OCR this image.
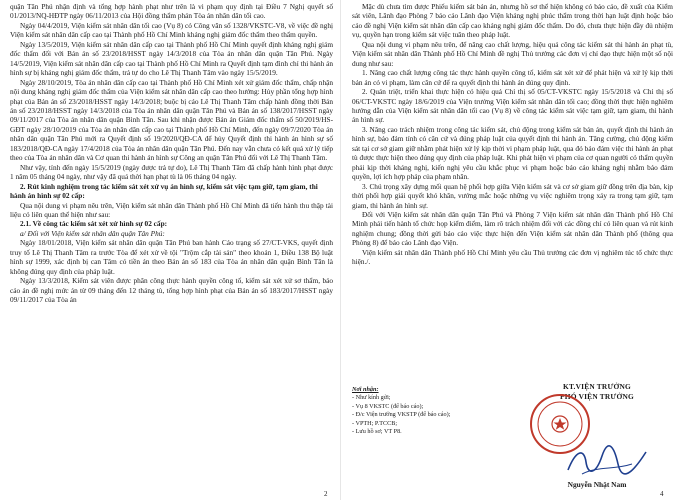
quận Tân Phú nhận định và tổng hợp hành phạt như trên là vi phạm quy định tại Điều 7 Nghị quyết số 01/2013/NQ-HĐTP ngày 06/11/2013 của Hội đồng thẩm phán Tòa án nhân dân tối cao.
Ngày 04/4/2019, Viện kiểm sát nhân dân tối cao (Vụ 8) có Công văn số 1328/VKSTC-V8, về việc đề nghị Viện kiểm sát nhân dân cấp cao tại Thành phố Hồ Chí Minh kháng nghị giám đốc thẩm theo thẩm quyền.
Ngày 13/5/2019, Viện kiểm sát nhân dân cấp cao tại Thành phố Hồ Chí Minh quyết định kháng nghị giám đốc thẩm đối với Bản án số 23/2018/HSST ngày 14/3/2018 của Tòa án nhân dân quận Tân Phú. Ngày 14/5/2019, Viện kiểm sát nhân dân cấp cao tại Thành phố Hồ Chí Minh ra Quyết định tạm đình chỉ thi hành án hình sự bị kháng nghị giám đốc thẩm, trả tự do cho Lê Thị Thanh Tâm vào ngày 15/5/2019.
Ngày 28/10/2019, Tòa án nhân dân cấp cao tại Thành phố Hồ Chí Minh xét xử giám đốc thẩm, chấp nhận nội dung kháng nghị giám đốc thẩm của Viện kiểm sát nhân dân cấp cao theo hướng: Hủy phần tổng hợp hình phạt của Bản án số 23/2018/HSST ngày 14/3/2018; buộc bị cáo Lê Thị Thanh Tâm chấp hành đồng thời Bản án số 23/2018/HSST ngày 14/3/2018 của Tòa án nhân dân quận Tân Phú và Bản án số 138/2017/HSST ngày 09/11/2017 của Tòa án nhân dân quận Bình Tân. Sau khi nhận được Bản án Giám đốc thẩm số 50/2019/HS-GĐT ngày 28/10/2019 của Tòa án nhân dân cấp cao tại Thành phố Hồ Chí Minh, đến ngày 09/7/2020 Tòa án nhân dân quận Tân Phú mới ra Quyết định số 19/2020/QĐ-CA để hủy Quyết định thi hành án hình sự số 183/2018/QĐ-CA ngày 17/4/2018 của Tòa án nhân dân quận Tân Phú. Đến nay vẫn chưa có kết quả xử lý tiếp theo của Tòa án nhân dân và Cơ quan thi hành án hình sự Công an quận Tân Phú đối với Lê Thị Thanh Tâm.
Như vậy, tính đến ngày 15/5/2019 (ngày được trả tự do), Lê Thị Thanh Tâm đã chấp hành hình phạt được 1 năm 05 tháng 04 ngày, như vậy đã quá thời hạn phạt tù là 06 tháng 04 ngày.
2. Rút kinh nghiệm trong tác kiểm sát xét xử vụ án hình sự, kiểm sát việc tạm giữ, tạm giam, thi hành án hình sự 02 cấp:
Qua nội dung vi phạm nêu trên, Viện kiểm sát nhân dân Thành phố Hồ Chí Minh đã tiến hành thu thập tài liệu có liên quan thể hiện như sau:
2.1. Về công tác kiểm sát xét xử hình sự 02 cấp:
a/ Đối với Viện kiểm sát nhân dân quận Tân Phú:
Ngày 18/01/2018, Viện kiểm sát nhân dân quận Tân Phú ban hành Cáo trạng số 27/CT-VKS, quyết định truy tố Lê Thị Thanh Tâm ra trước Tòa để xét xử về tội "Trộm cắp tài sản" theo khoản 1, Điều 138 Bộ luật hình sự 1999, xác định bị can Tâm có tiền án theo Bản án số 183 của Tòa án nhân dân quận Bình Tân là không đúng quy định của pháp luật.
Ngày 13/3/2018, Kiểm sát viên được phân công thực hành quyền công tố, kiểm sát xét xử sơ thẩm, báo cáo án đề nghị mức án từ 09 tháng đến 12 tháng tù, tổng hợp hình phạt của Bản án số 183/2017/HSST ngày 09/11/2017 của Tòa án
2
Mặc dù chưa tìm được Phiếu kiểm sát bản án, nhưng hồ sơ thể hiện không có báo cáo, đề xuất của Kiểm sát viên, Lãnh đạo Phòng 7 báo cáo Lãnh đạo Viện kháng nghị phúc thẩm trong thời hạn luật định hoặc báo cáo đề nghị Viện kiểm sát nhân dân cấp cao kháng nghị giám đốc thẩm. Do đó, chưa thực hiện đầy đủ nhiệm vụ, quyền hạn trong kiểm sát việc tuân theo pháp luật.
Qua nội dung vi phạm nêu trên, để nâng cao chất lượng, hiệu quả công tác kiểm sát thi hành án phạt tù, Viện kiểm sát nhân dân Thành phố Hồ Chí Minh đề nghị Thủ trưởng các đơn vị chỉ đạo thực hiện một số nội dung như sau:
1. Nâng cao chất lượng công tác thực hành quyền công tố, kiểm sát xét xử để phát hiện và xử lý kịp thời bản án có vi phạm, làm căn cứ để ra quyết định thi hành án đúng quy định.
2. Quán triệt, triển khai thực hiện có hiệu quả Chỉ thị số 05/CT-VKSTC ngày 15/5/2018 và Chỉ thị số 06/CT-VKSTC ngày 18/6/2019 của Viện trưởng Viện kiểm sát nhân dân tối cao; đồng thời thực hiện nghiêm hướng dẫn của Viện kiểm sát nhân dân tối cao (Vụ 8) về công tác kiểm sát việc tạm giữ, tạm giam, thi hành án hình sự.
3. Nâng cao trách nhiệm trong công tác kiểm sát, chủ động trong kiểm sát bản án, quyết định thi hành án hình sự, bảo đảm tính có căn cứ và đúng pháp luật của quyết định thi hành án. Tăng cường, chủ động kiểm sát tại cơ sở giam giữ nhằm phát hiện xử lý kịp thời vi phạm pháp luật, qua đó bảo đảm việc thi hành án phạt tù được thực hiện theo đúng quy định của pháp luật. Khi phát hiện vi phạm của cơ quan người có thẩm quyền phải kịp thời kháng nghị, kiến nghị yêu cầu khắc phục vi phạm hoặc báo cáo kháng nghị nhằm bảo đảm quyền, lợi ích hợp pháp của phạm nhân.
3. Chú trọng xây dựng mối quan hệ phối hợp giữa Viện kiểm sát và cơ sở giam giữ đồng trên địa bàn, kịp thời phối hợp giải quyết khó khăn, vướng mắc hoặc những vụ việc nghiêm trọng xảy ra trong tạm giữ, tạm giam, thi hành án hình sự.
Đối với Viện kiểm sát nhân dân quận Tân Phú và Phòng 7 Viện kiểm sát nhân dân Thành phố Hồ Chí Minh phải tiến hành tổ chức họp kiểm điểm, làm rõ trách nhiệm đối với các đồng chí có liên quan và rút kinh nghiệm chung; đồng thời gửi báo cáo việc thực hiện đến Viện kiểm sát nhân dân Thành phố (thông qua Phòng 8) để báo cáo Lãnh đạo Viện.
Viện kiểm sát nhân dân Thành phố Hồ Chí Minh yêu cầu Thủ trưởng các đơn vị nghiêm túc tổ chức thực hiện./.
4
Nơi nhận:
- Như kính gửi;
- Vụ 8 VKSTC (để báo cáo);
- Đ/c Viện trưởng VKSTP (để báo cáo);
- VPTH; P.TCCB;
- Lưu hồ sơ; VT P8.
KT.VIỆN TRƯỞNG
PHÓ VIỆN TRƯỞNG
Nguyễn Nhật Nam
